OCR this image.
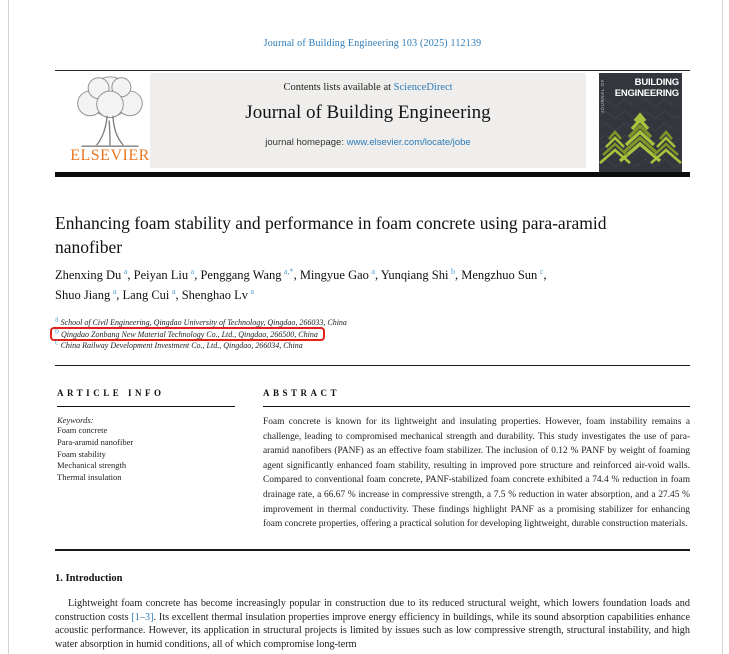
Journal of Building Engineering 103 (2025) 112139
ELSEVIER
Contents lists available at ScienceDirect
Journal of Building Engineering
journal homepage: www.elsevier.com/locate/jobe
JOURNAL OF	BUILDING
ENGINEERING
Enhancing foam stability and performance in foam concrete using para-aramid nanofiber
Zhenxing Du $^a$, Peiyan Liu $^a$, Penggang Wang $^{a,*}$, Mingyue Gao $^a$, Yunqiang Shi $^b$, Mengzhuo Sun $^c$, Shuo Jiang $^a$, Lang Cui $^a$, Shenghao Lv $^a$
$^a$ School of Civil Engineering, Qingdao University of Technology, Qingdao, 266033, China
$^b$ Qingdao Zonbang New Material Technology Co., Ltd., Qingdao, 266500, China
$^c$ China Railway Development Investment Co., Ltd., Qingdao, 266034, China
ARTICLE INFO
Keywords:
Foam concrete
Para-aramid nanofiber
Foam stability
Mechanical strength
Thermal insulation
ABSTRACT
Foam concrete is known for its lightweight and insulating properties. However, foam instability remains a challenge, leading to compromised mechanical strength and durability. This study investigates the use of para-aramid nanofibers (PANF) as an effective foam stabilizer. The inclusion of 0.12 % PANF by weight of foaming agent significantly enhanced foam stability, resulting in improved pore structure and reinforced air-void walls. Compared to conventional foam concrete, PANF-stabilized foam concrete exhibited a 74.4 % reduction in foam drainage rate, a 66.67 % increase in compressive strength, a 7.5 % reduction in water absorption, and a 27.45 % improvement in thermal conductivity. These findings highlight PANF as a promising stabilizer for enhancing foam concrete properties, offering a practical solution for developing lightweight, durable construction materials.
1. Introduction
Lightweight foam concrete has become increasingly popular in construction due to its reduced structural weight, which lowers foundation loads and construction costs [1–3]. Its excellent thermal insulation properties improve energy efficiency in buildings, while its sound absorption capabilities enhance acoustic performance. However, its application in structural projects is limited by issues such as low compressive strength, structural instability, and high water absorption in humid conditions, all of which compromise long-term
